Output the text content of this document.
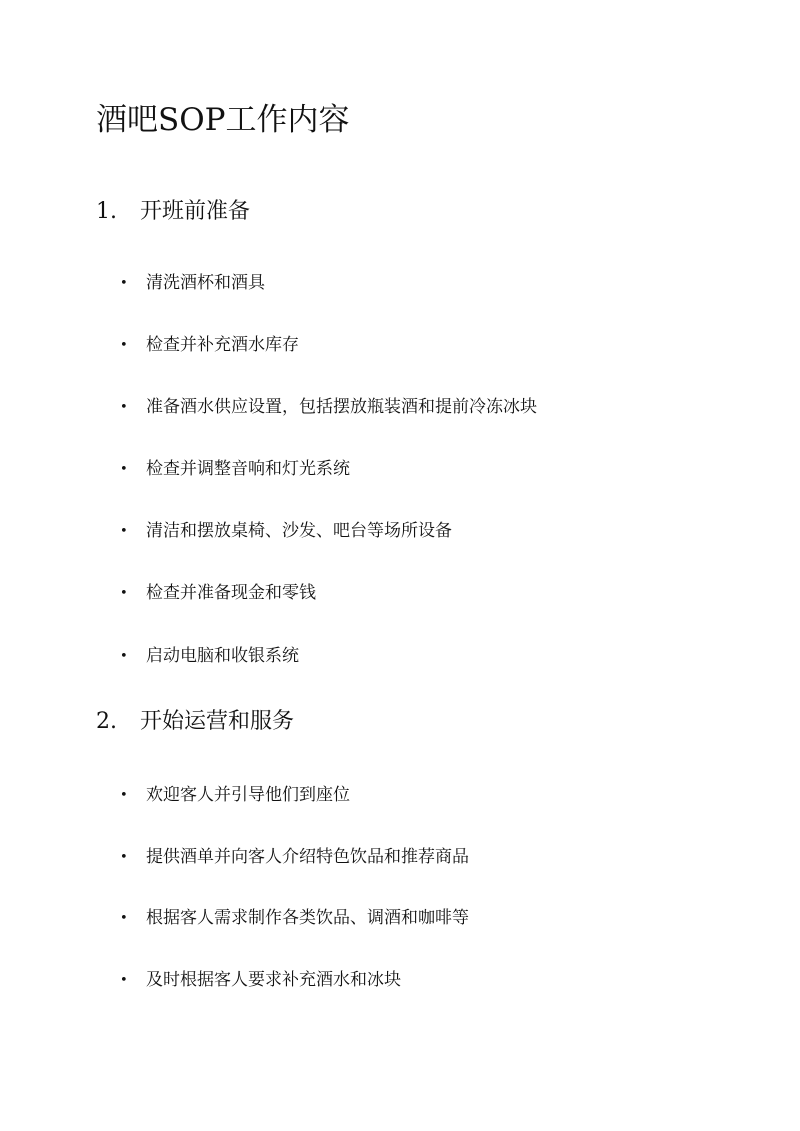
酒吧SOP工作内容
1. 开班前准备

• 清洗酒杯和酒具

• 检查并补充酒水库存

• 准备酒水供应设置，包括摆放瓶装酒和提前冷冻冰块

• 检查并调整音响和灯光系统

• 清洁和摆放桌椅、沙发、吧台等场所设备

• 检查并准备现金和零钱

• 启动电脑和收银系统

2. 开始运营和服务

• 欢迎客人并引导他们到座位

• 提供酒单并向客人介绍特色饮品和推荐商品

• 根据客人需求制作各类饮品、调酒和咖啡等

• 及时根据客人要求补充酒水和冰块
